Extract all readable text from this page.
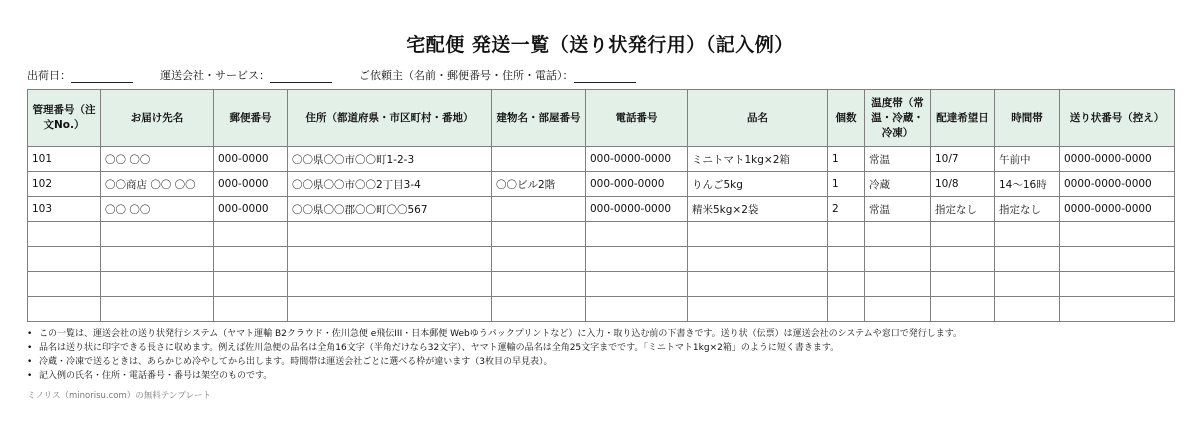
宅配便 発送一覧（送り状発行用）（記入例）
出荷日：	運送会社・サービス：	ご依頼主（名前・郵便番号・住所・電話）：
管理番号（注文No.）	お届け先名	郵便番号	住所（都道府県・市区町村・番地）	建物名・部屋番号	電話番号	品名	個数	温度帯（常温・冷蔵・冷凍）	配達希望日	時間帯	送り状番号（控え）
101	〇〇 〇〇	000-0000	〇〇県〇〇市〇〇町1-2-3		000-0000-0000	ミニトマト1kg×2箱	1	常温	10/7	午前中	0000-0000-0000
102	〇〇商店 〇〇 〇〇	000-0000	〇〇県〇〇市〇〇2丁目3-4	〇〇ビル2階	000-000-0000	りんご5kg	1	冷蔵	10/8	14〜16時	0000-0000-0000
103	〇〇 〇〇	000-0000	〇〇県〇〇郡〇〇町〇〇567		000-0000-0000	精米5kg×2袋	2	常温	指定なし	指定なし	0000-0000-0000

• この一覧は、運送会社の送り状発行システム（ヤマト運輸 B2クラウド・佐川急便 e飛伝III・日本郵便 Webゆうパックプリントなど）に入力・取り込む前の下書きです。送り状（伝票）は運送会社のシステムや窓口で発行します。
• 品名は送り状に印字できる長さに収めます。例えば佐川急便の品名は全角16文字（半角だけなら32文字）、ヤマト運輸の品名は全角25文字までです。「ミニトマト1kg×2箱」のように短く書きます。
• 冷蔵・冷凍で送るときは、あらかじめ冷やしてから出します。時間帯は運送会社ごとに選べる枠が違います（3枚目の早見表）。
• 記入例の氏名・住所・電話番号・番号は架空のものです。
ミノリス（minorisu.com）の無料テンプレート
